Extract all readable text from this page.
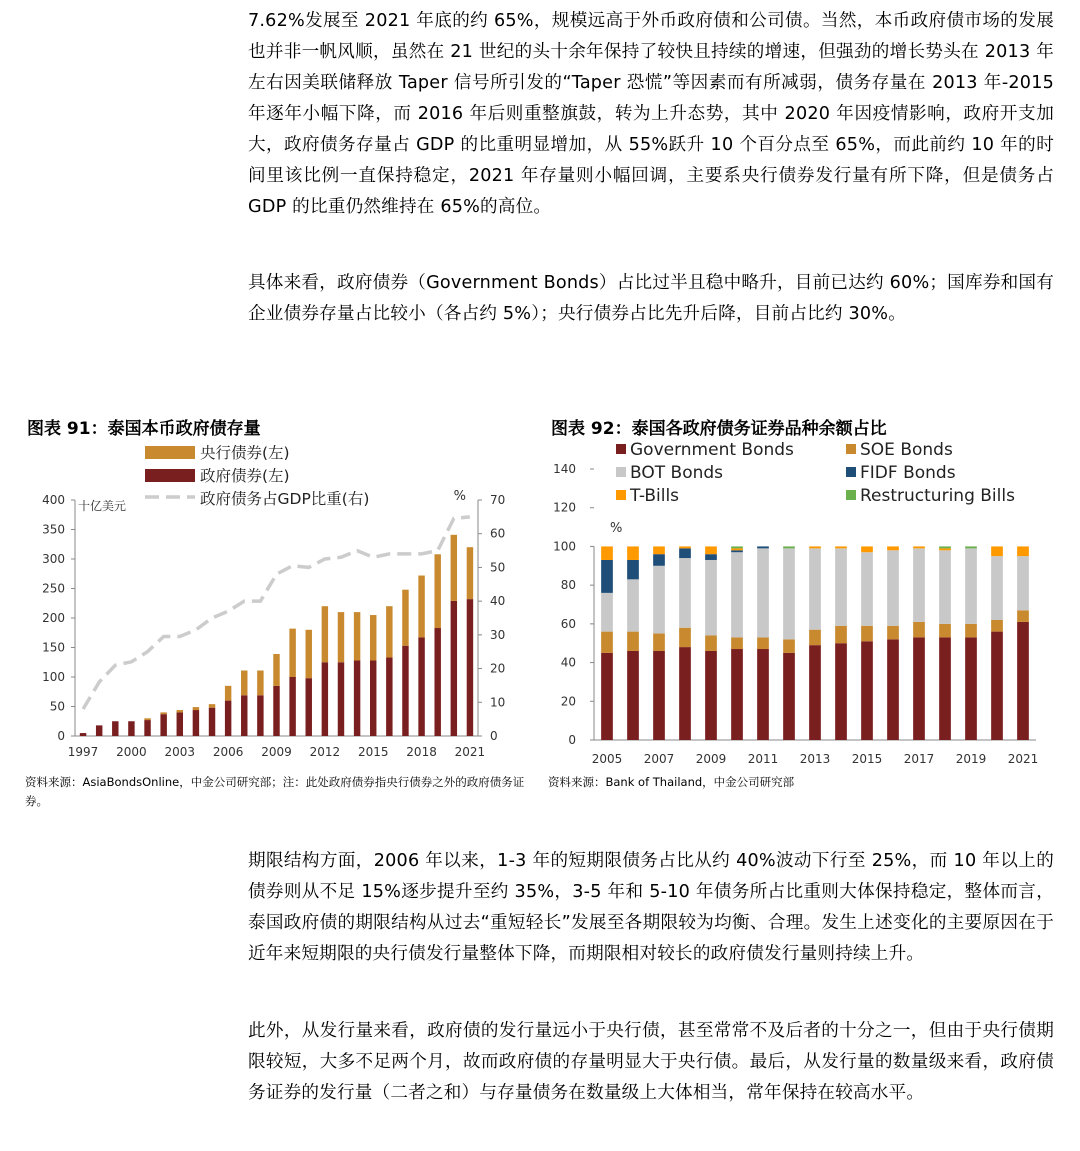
7.62%发展至 2021 年底的约 65%，规模远高于外币政府债和公司债。当然，本币政府债市场的发展也并非一帆风顺，虽然在 21 世纪的头十余年保持了较快且持续的增速，但强劲的增长势头在 2013 年左右因美联储释放 Taper 信号所引发的“Taper 恐慌”等因素而有所减弱，债务存量在 2013 年-2015 年逐年小幅下降，而 2016 年后则重整旗鼓，转为上升态势，其中 2020 年因疫情影响，政府开支加大，政府债务存量占 GDP 的比重明显增加，从 55%跃升 10 个百分点至 65%，而此前约 10 年的时间里该比例一直保持稳定，2021 年存量则小幅回调，主要系央行债券发行量有所下降，但是债务占 GDP 的比重仍然维持在 65%的高位。
具体来看，政府债券（Government Bonds）占比过半且稳中略升，目前已达约 60%；国库券和国有企业债券存量占比较小（各占约 5%）；央行债券占比先升后降，目前占比约 30%。
图表 91：泰国本币政府债存量	图表 92：泰国各政府债务证券品种余额占比
0
50
100
150
200
250
300
350
400
0
10
20
30
40
50
60
70
十亿美元
%
1997 2000 2003 2006 2009 2012 2015 2018 2021
央行债券(左)
政府债券(左)
政府债务占GDP比重(右)
0
20
40
60
80
100
120
140
%
2005 2007 2009 2011 2013 2015 2017 2019 2021
Government Bonds	SOE Bonds
BOT Bonds	FIDF Bonds
T-Bills	Restructuring Bills
资料来源：AsiaBondsOnline，中金公司研究部；注：此处政府债券指央行债券之外的政府债务证券。
资料来源：Bank of Thailand，中金公司研究部
期限结构方面，2006 年以来，1-3 年的短期限债务占比从约 40%波动下行至 25%，而 10 年以上的债券则从不足 15%逐步提升至约 35%，3-5 年和 5-10 年债务所占比重则大体保持稳定，整体而言，泰国政府债的期限结构从过去“重短轻长”发展至各期限较为均衡、合理。发生上述变化的主要原因在于近年来短期限的央行债发行量整体下降，而期限相对较长的政府债发行量则持续上升。
此外，从发行量来看，政府债的发行量远小于央行债，甚至常常不及后者的十分之一，但由于央行债期限较短，大多不足两个月，故而政府债的存量明显大于央行债。最后，从发行量的数量级来看，政府债务证券的发行量（二者之和）与存量债务在数量级上大体相当，常年保持在较高水平。
